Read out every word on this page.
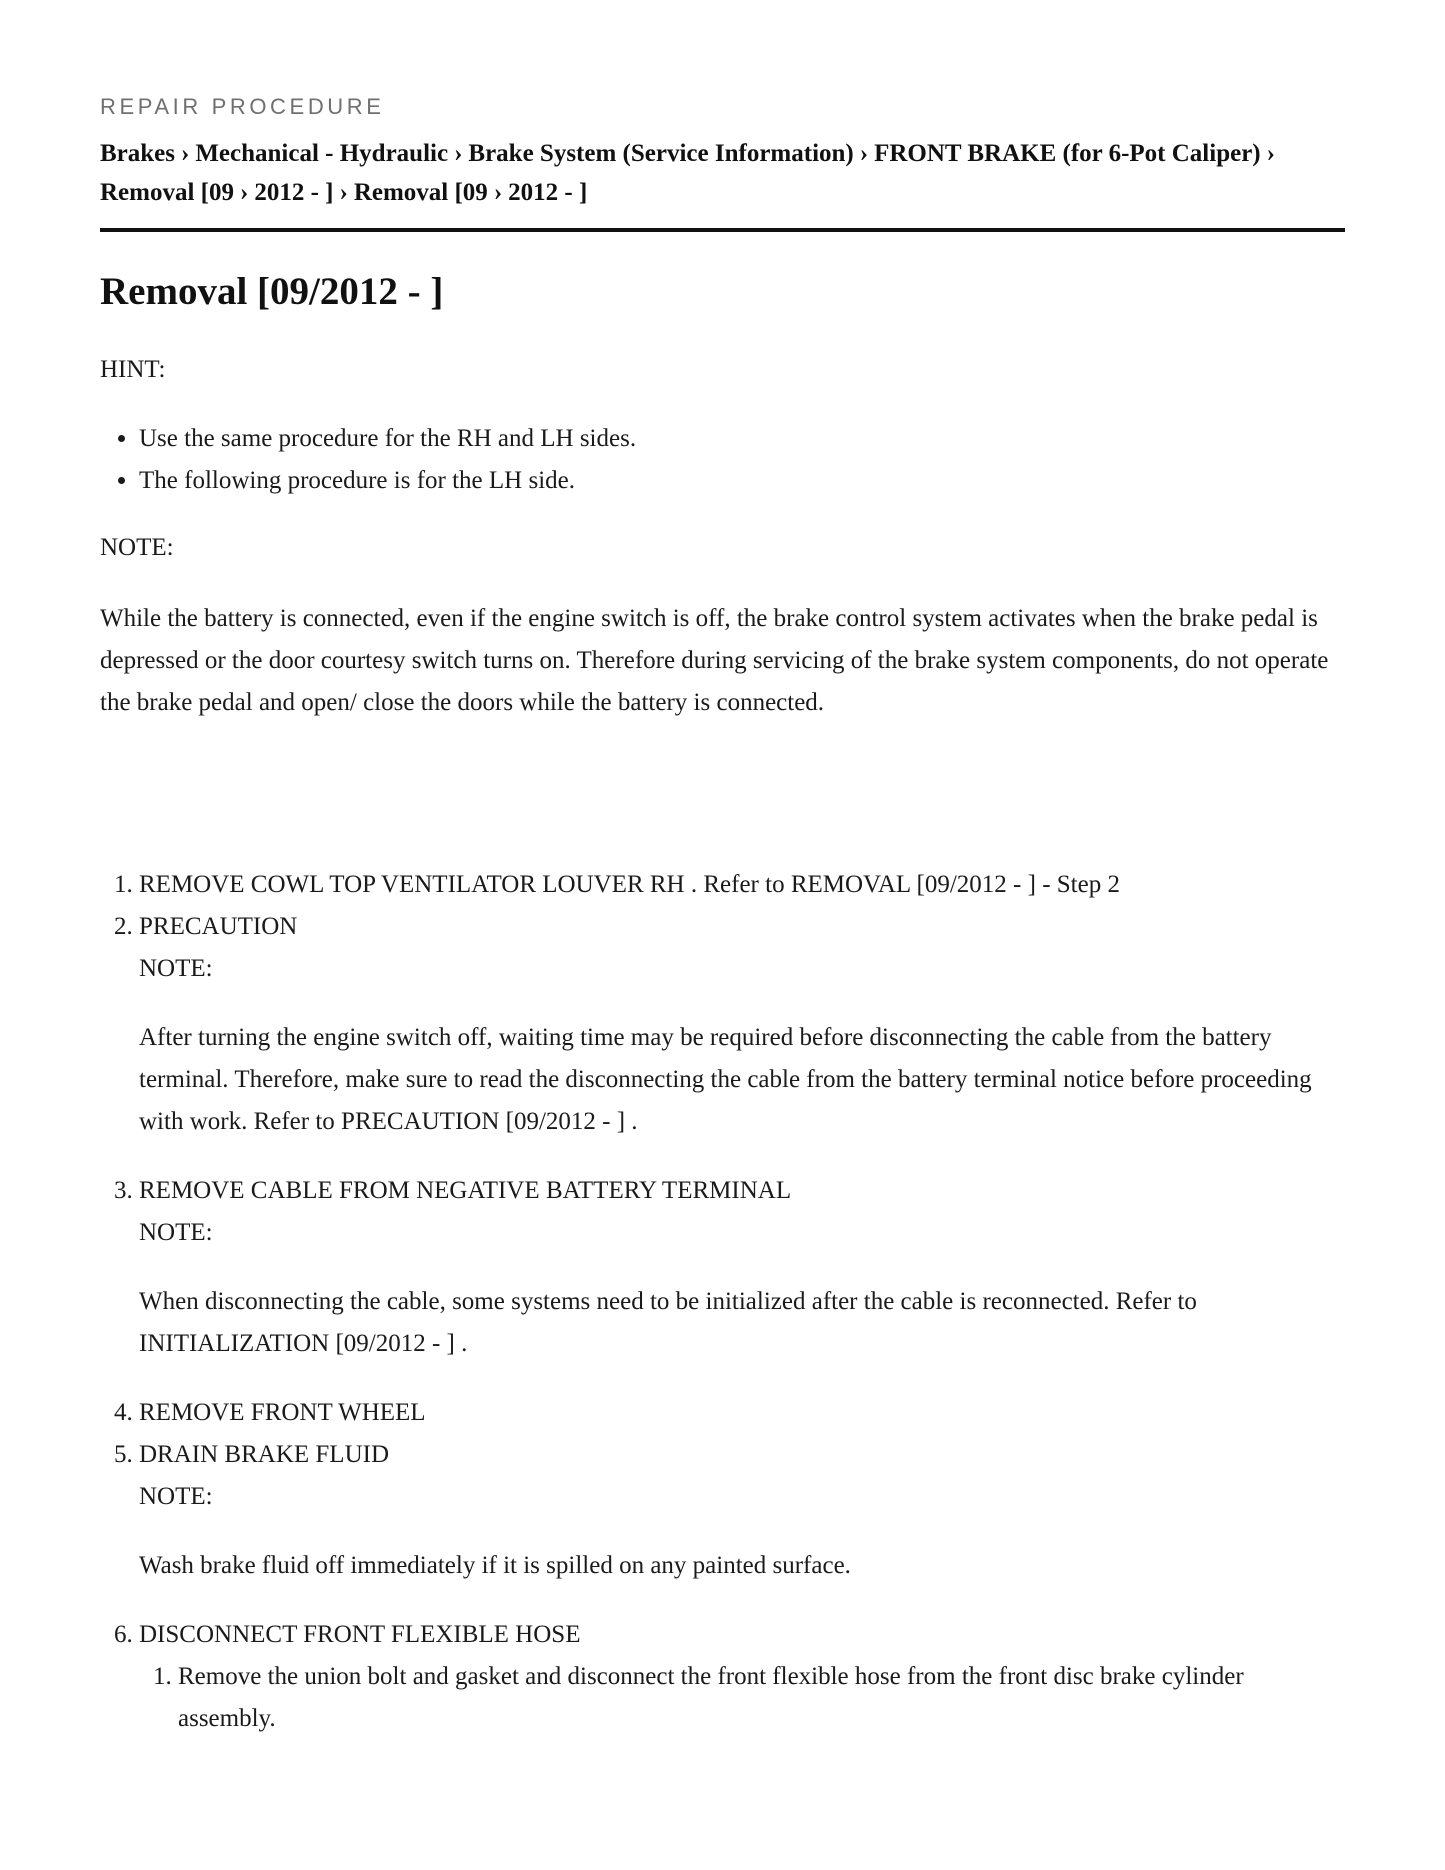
REPAIR PROCEDURE

Brakes › Mechanical - Hydraulic › Brake System (Service Information) › FRONT BRAKE (for 6-Pot Caliper) ›
Removal [09 › 2012 - ] › Removal [09 › 2012 - ]
Removal [09/2012 - ]

HINT:

• Use the same procedure for the RH and LH sides.
• The following procedure is for the LH side.

NOTE:

While the battery is connected, even if the engine switch is off, the brake control system activates when the brake pedal is depressed or the door courtesy switch turns on. Therefore during servicing of the brake system components, do not operate the brake pedal and open/ close the doors while the battery is connected.

1. REMOVE COWL TOP VENTILATOR LOUVER RH . Refer to REMOVAL [09/2012 - ] - Step 2
2. PRECAUTION
NOTE:

After turning the engine switch off, waiting time may be required before disconnecting the cable from the battery terminal. Therefore, make sure to read the disconnecting the cable from the battery terminal notice before proceeding with work. Refer to PRECAUTION [09/2012 - ] .

3. REMOVE CABLE FROM NEGATIVE BATTERY TERMINAL
NOTE:

When disconnecting the cable, some systems need to be initialized after the cable is reconnected. Refer to INITIALIZATION [09/2012 - ] .

4. REMOVE FRONT WHEEL
5. DRAIN BRAKE FLUID
NOTE:

Wash brake fluid off immediately if it is spilled on any painted surface.

6. DISCONNECT FRONT FLEXIBLE HOSE
1. Remove the union bolt and gasket and disconnect the front flexible hose from the front disc brake cylinder assembly.
